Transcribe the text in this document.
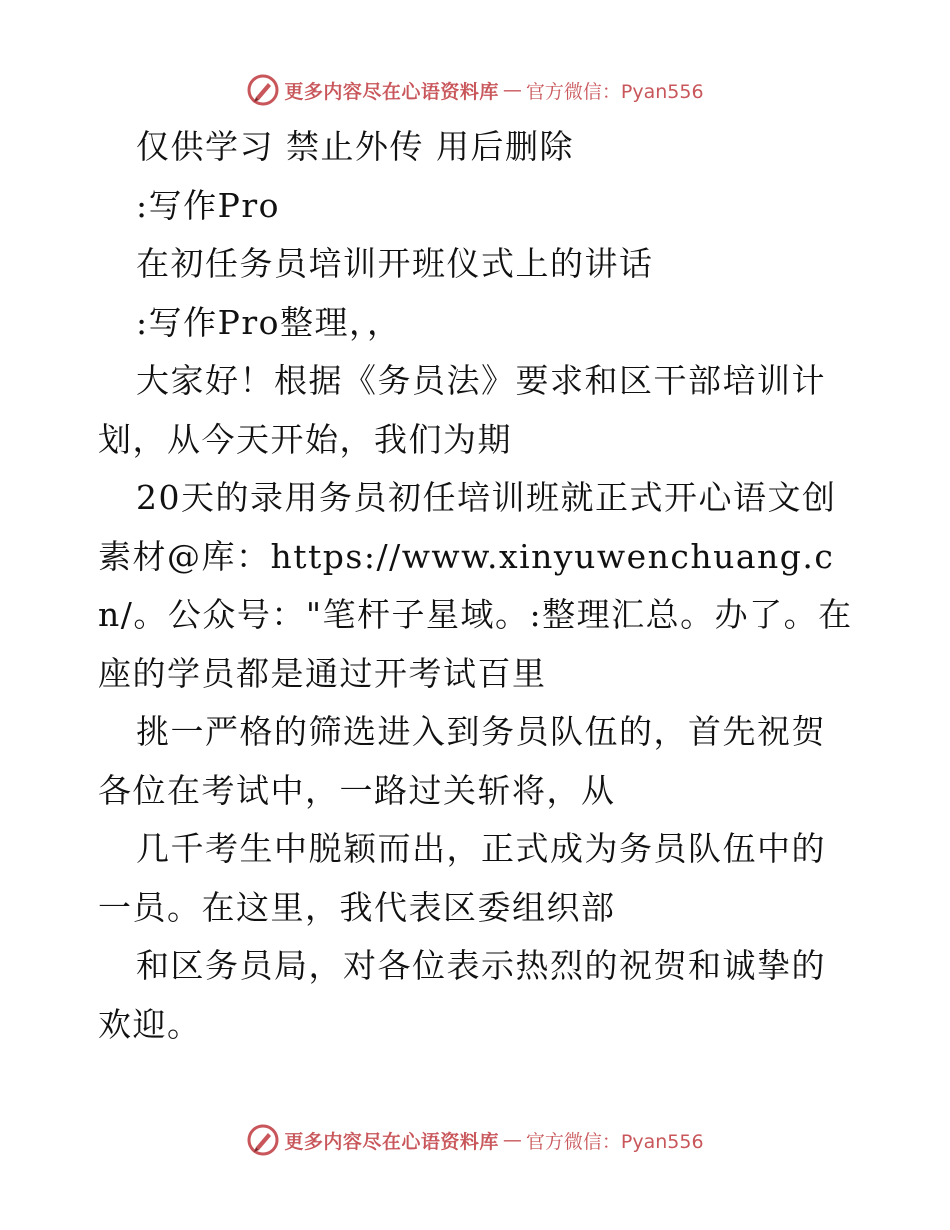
更多内容尽在心语资料库 — 官方微信：Pyan556

仅供学习 禁止外传 用后删除

:写作Pro

在初任务员培训开班仪式上的讲话

:写作Pro整理，，

大家好！根据《务员法》要求和区干部培训计划，从今天开始，我们为期

20天的录用务员初任培训班就正式开心语文创素材@库：https://www.xinyuwenchuang.cn/。公众号："笔杆子星域。:整理汇总。办了。在座的学员都是通过开考试百里

挑一严格的筛选进入到务员队伍的，首先祝贺各位在考试中，一路过关斩将，从

几千考生中脱颖而出，正式成为务员队伍中的一员。在这里，我代表区委组织部

和区务员局，对各位表示热烈的祝贺和诚挚的欢迎。

更多内容尽在心语资料库 — 官方微信：Pyan556
